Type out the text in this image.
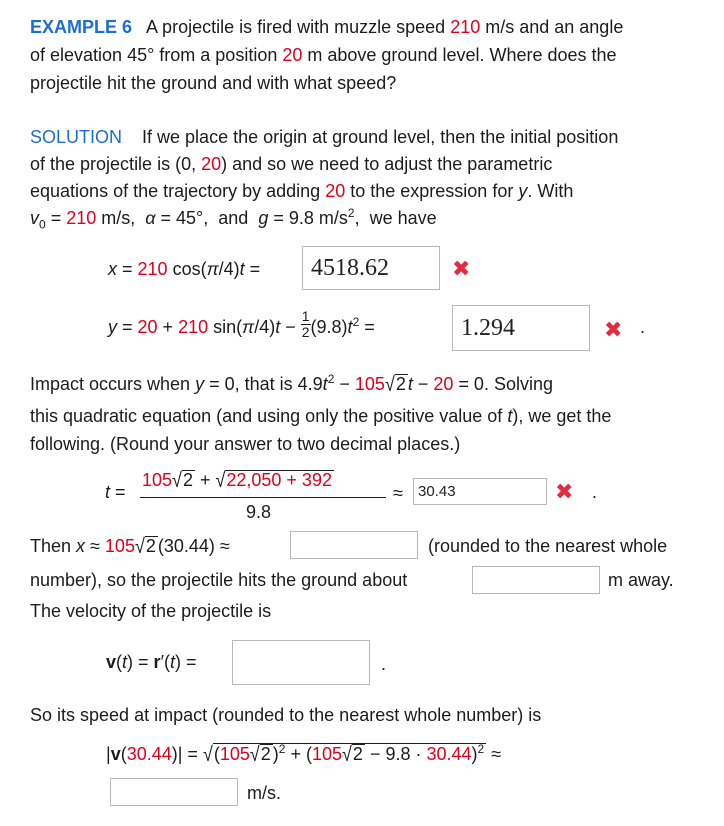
EXAMPLE 6 A projectile is fired with muzzle speed 210 m/s and an angle
of elevation 45° from a position 20 m above ground level. Where does the
projectile hit the ground and with what speed?
SOLUTION If we place the origin at ground level, then the initial position
of the projectile is (0, 20) and so we need to adjust the parametric
equations of the trajectory by adding 20 to the expression for y. With
$v_0 = 210$ m/s,  α = 45°,  and  g = 9.8 $m/s^2$,  we have
x = 210 cos(π/4)t =	4518.62	✖
y = 20 + 210 $\sin(\pi/4)t - \frac{1}{2} (9.8)t^2$ =	1.294	✖ .
Impact occurs when y = 0, that is $4.9t^2 - 105√2$ t − 20 = 0. Solving
this quadratic equation (and using only the positive value of t), we get the
following. (Round your answer to two decimal places.)
t =
105√2 + √22,050 + 392
9.8
≈	30.43	✖ .
Then x ≈ 105√2 (30.44) ≈	(rounded to the nearest whole
number), so the projectile hits the ground about	m away.
The velocity of the projectile is
v(t) = r′(t) =	.
So its speed at impact (rounded to the nearest whole number) is
|v(30.44)| = √(105√2 )$^2 + (105√2 - 9.8 \cdot 30.44)^2$ ≈
m/s.
